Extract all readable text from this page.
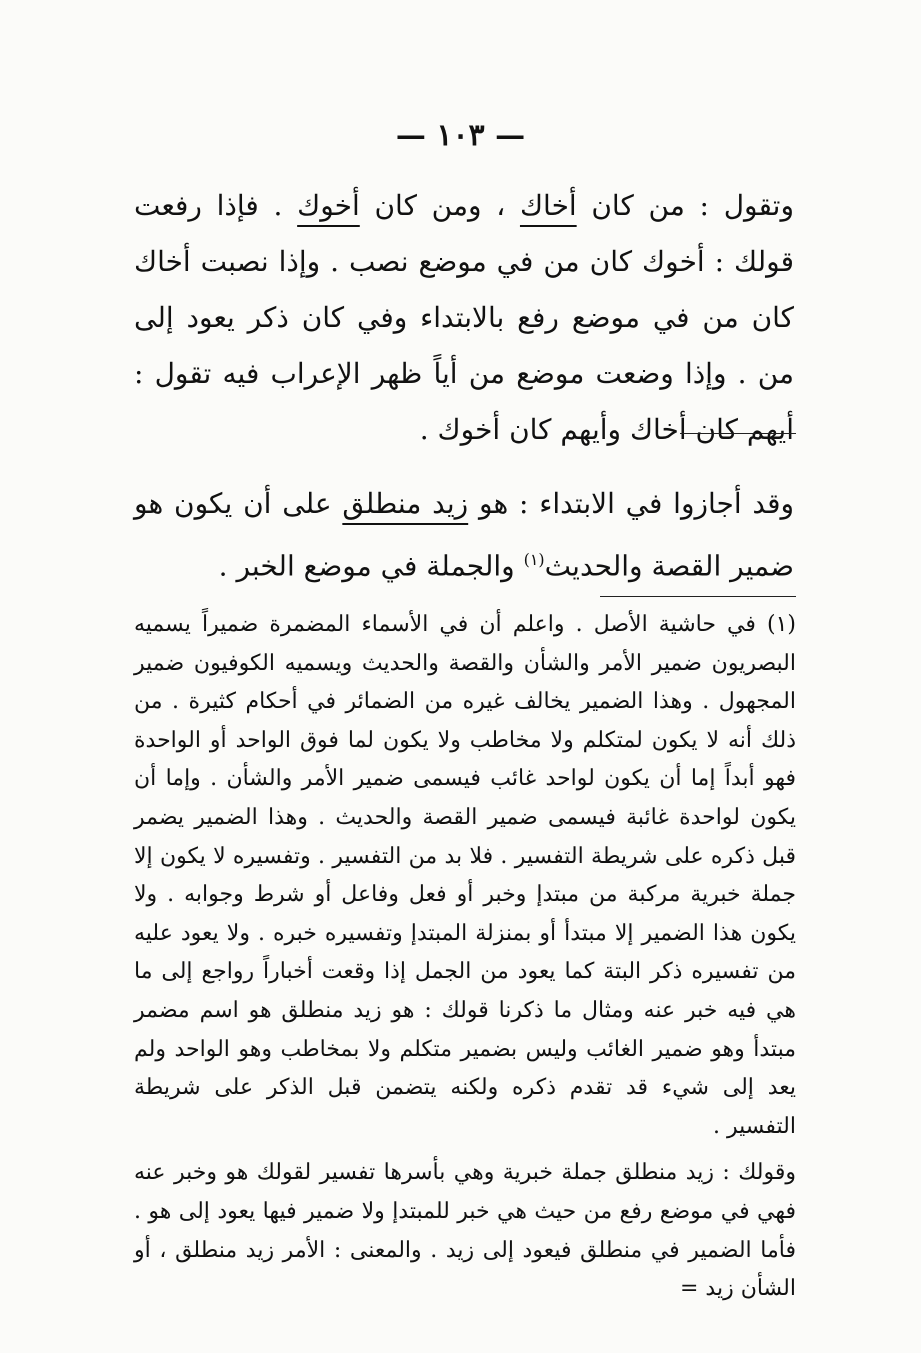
— ١٠٣ —

وتقول : من كان أخاك ، ومن كان أخوك . فإذا رفعت قولك : أخوك كان من في موضع نصب . وإذا نصبت أخاك كان من في موضع رفع بالابتداء وفي كان ذكر يعود إلى من . وإذا وضعت موضع من أياً ظهر الإعراب فيه تقول : أيهم كان أخاك وأيهم كان أخوك .

وقد أجازوا في الابتداء : هو زيد منطلق على أن يكون هو ضمير القصة والحديث$^{(١)}$ والجملة في موضع الخبر .

(١) في حاشية الأصل . واعلم أن في الأسماء المضمرة ضميراً يسميه البصريون ضمير الأمر والشأن والقصة والحديث ويسميه الكوفيون ضمير المجهول . وهذا الضمير يخالف غيره من الضمائر في أحكام كثيرة . من ذلك أنه لا يكون لمتكلم ولا مخاطب ولا يكون لما فوق الواحد أو الواحدة فهو أبداً إما أن يكون لواحد غائب فيسمى ضمير الأمر والشأن . وإما أن يكون لواحدة غائبة فيسمى ضمير القصة والحديث . وهذا الضمير يضمر قبل ذكره على شريطة التفسير . فلا بد من التفسير . وتفسيره لا يكون إلا جملة خبرية مركبة من مبتدإ وخبر أو فعل وفاعل أو شرط وجوابه . ولا يكون هذا الضمير إلا مبتدأ أو بمنزلة المبتدإ وتفسيره خبره . ولا يعود عليه من تفسيره ذكر البتة كما يعود من الجمل إذا وقعت أخباراً رواجع إلى ما هي فيه خبر عنه ومثال ما ذكرنا قولك : هو زيد منطلق هو اسم مضمر مبتدأ وهو ضمير الغائب وليس بضمير متكلم ولا بمخاطب وهو الواحد ولم يعد إلى شيء قد تقدم ذكره ولكنه يتضمن قبل الذكر على شريطة التفسير .

وقولك : زيد منطلق جملة خبرية وهي بأسرها تفسير لقولك هو وخبر عنه فهي في موضع رفع من حيث هي خبر للمبتدإ ولا ضمير فيها يعود إلى هو . فأما الضمير في منطلق فيعود إلى زيد . والمعنى : الأمر زيد منطلق ، أو الشأن زيد =
